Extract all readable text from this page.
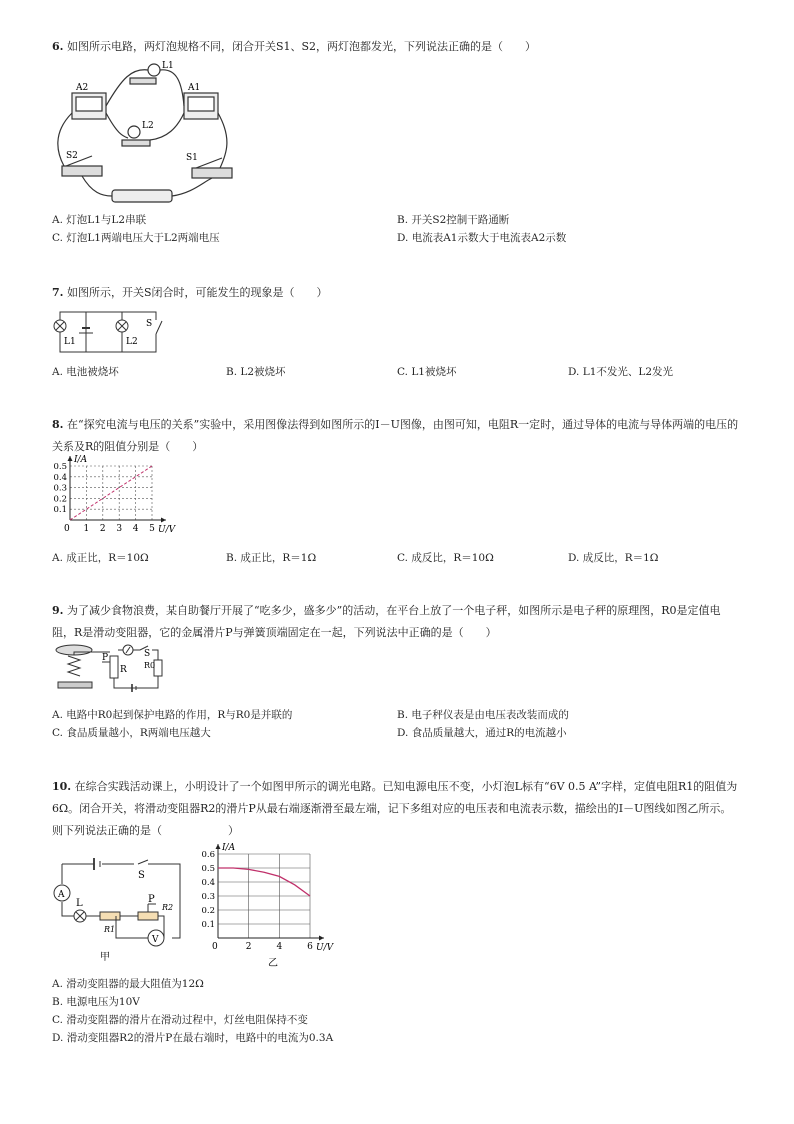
6. 如图所示电路，两灯泡规格不同，闭合开关S1、S2，两灯泡都发光，下列说法正确的是（　　）
A2	A1
L1
L2
S2	S1
A. 灯泡L1与L2串联	B. 开关S2控制干路通断
C. 灯泡L1两端电压大于L2两端电压	D. 电流表A1示数大于电流表A2示数
7. 如图所示，开关S闭合时，可能发生的现象是（　　）
L1	L2
S
A. 电池被烧坏	B. L2被烧坏	C. L1被烧坏	D. L1不发光、L2发光
8. 在“探究电流与电压的关系”实验中，采用图像法得到如图所示的I－U图像，由图可知，电阻R一定时，通过导体的电流与导体两端的电压的关系及R的阻值分别是（　　）
I/A
U/V
0 1 2 3 4 5
0.1
0.2
0.3
0.4
0.5
A. 成正比，R＝10Ω	B. 成正比，R＝1Ω	C. 成反比，R＝10Ω	D. 成反比，R＝1Ω
9. 为了减少食物浪费，某自助餐厅开展了“吃多少，盛多少”的活动，在平台上放了一个电子秤，如图所示是电子秤的原理图，R0是定值电阻，R是滑动变阻器，它的金属滑片P与弹簧顶端固定在一起，下列说法中正确的是（　　）
P
R
S
R0
A. 电路中R0起到保护电路的作用，R与R0是并联的	B. 电子秤仪表是由电压表改装而成的
C. 食品质量越小，R两端电压越大	D. 食品质量越大，通过R的电流越小
10. 在综合实践活动课上，小明设计了一个如图甲所示的调光电路。已知电源电压不变，小灯泡L标有“6V 0.5 A”字样，定值电阻R1的阻值为6Ω。闭合开关，将滑动变阻器R2的滑片P从最右端逐渐滑至最左端，记下多组对应的电压表和电流表示数，描绘出的I－U图线如图乙所示。则下列说法正确的是（　　　　　　）
S
A
L	P
R1
R2
V
甲
I/A
U/V
0
乙
2	4	6
0.1
0.2
0.3
0.4
0.5
0.6
A. 滑动变阻器的最大阻值为12Ω
B. 电源电压为10V
C. 滑动变阻器的滑片在滑动过程中，灯丝电阻保持不变
D. 滑动变阻器R2的滑片P在最右端时，电路中的电流为0.3A
